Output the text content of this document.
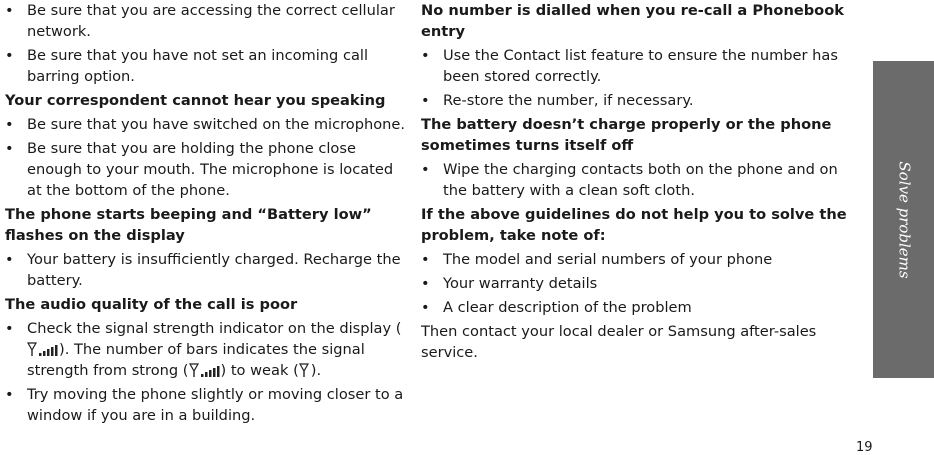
• Be sure that you are accessing the correct cellular network.
• Be sure that you have not set an incoming call barring option.
Your correspondent cannot hear you speaking
• Be sure that you have switched on the microphone.
• Be sure that you are holding the phone close enough to your mouth. The microphone is located at the bottom of the phone.
The phone starts beeping and “Battery low” flashes on the display
• Your battery is insufficiently charged. Recharge the battery.
The audio quality of the call is poor
• Check the signal strength indicator on the display (). The number of bars indicates the signal strength from strong ( ) to weak ( ).
• Try moving the phone slightly or moving closer to a window if you are in a building.
No number is dialled when you re-call a Phonebook entry
• Use the Contact list feature to ensure the number has been stored correctly.
• Re-store the number, if necessary.
The battery doesn’t charge properly or the phone sometimes turns itself off
• Wipe the charging contacts both on the phone and on the battery with a clean soft cloth.
If the above guidelines do not help you to solve the problem, take note of:
• The model and serial numbers of your phone
• Your warranty details
• A clear description of the problem
Then contact your local dealer or Samsung after-sales service.
Solve problems
19
